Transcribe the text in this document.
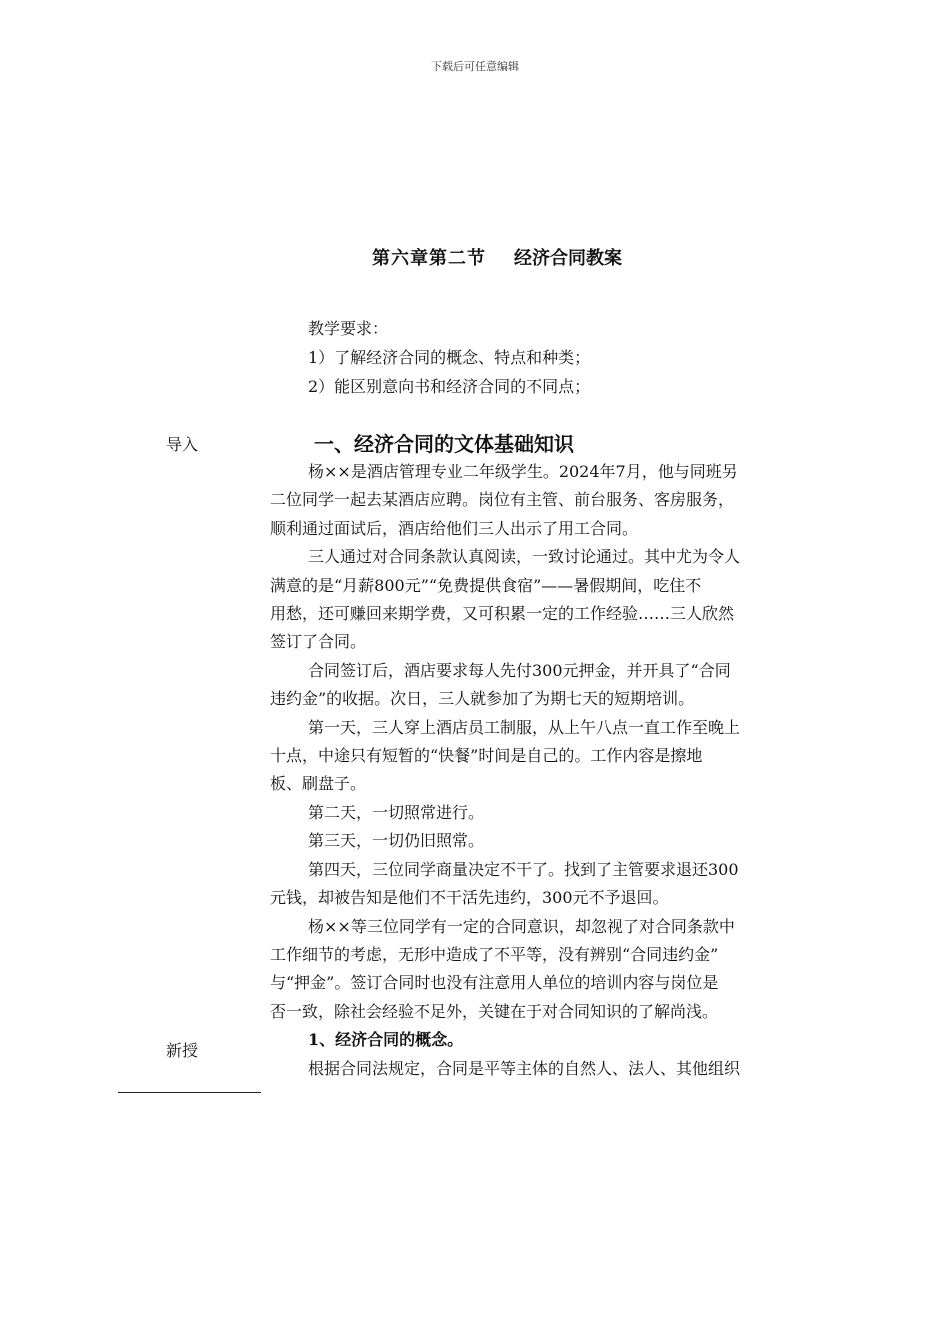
下载后可任意编辑
第六章第二节 经济合同教案
教学要求：
1）了解经济合同的概念、特点和种类；
2）能区别意向书和经济合同的不同点；
导入	一、经济合同的文体基础知识

杨××是酒店管理专业二年级学生。2024年7月，他与同班另

二位同学一起去某酒店应聘。岗位有主管、前台服务、客房服务，

顺利通过面试后，酒店给他们三人出示了用工合同。

三人通过对合同条款认真阅读，一致讨论通过。其中尤为令人

满意的是“月薪800元”“免费提供食宿”——暑假期间，吃住不

用愁，还可赚回来期学费，又可积累一定的工作经验……三人欣然

签订了合同。

合同签订后，酒店要求每人先付300元押金，并开具了“合同

违约金”的收据。次日，三人就参加了为期七天的短期培训。

第一天，三人穿上酒店员工制服，从上午八点一直工作至晚上

十点，中途只有短暂的“快餐”时间是自己的。工作内容是擦地

板、刷盘子。

第二天，一切照常进行。

第三天，一切仍旧照常。

第四天，三位同学商量决定不干了。找到了主管要求退还300

元钱，却被告知是他们不干活先违约，300元不予退回。

杨××等三位同学有一定的合同意识，却忽视了对合同条款中

工作细节的考虑，无形中造成了不平等，没有辨别“合同违约金”

与“押金”。签订合同时也没有注意用人单位的培训内容与岗位是

否一致，除社会经验不足外，关键在于对合同知识的了解尚浅。

1、经济合同的概念。

根据合同法规定，合同是平等主体的自然人、法人、其他组织

新授
